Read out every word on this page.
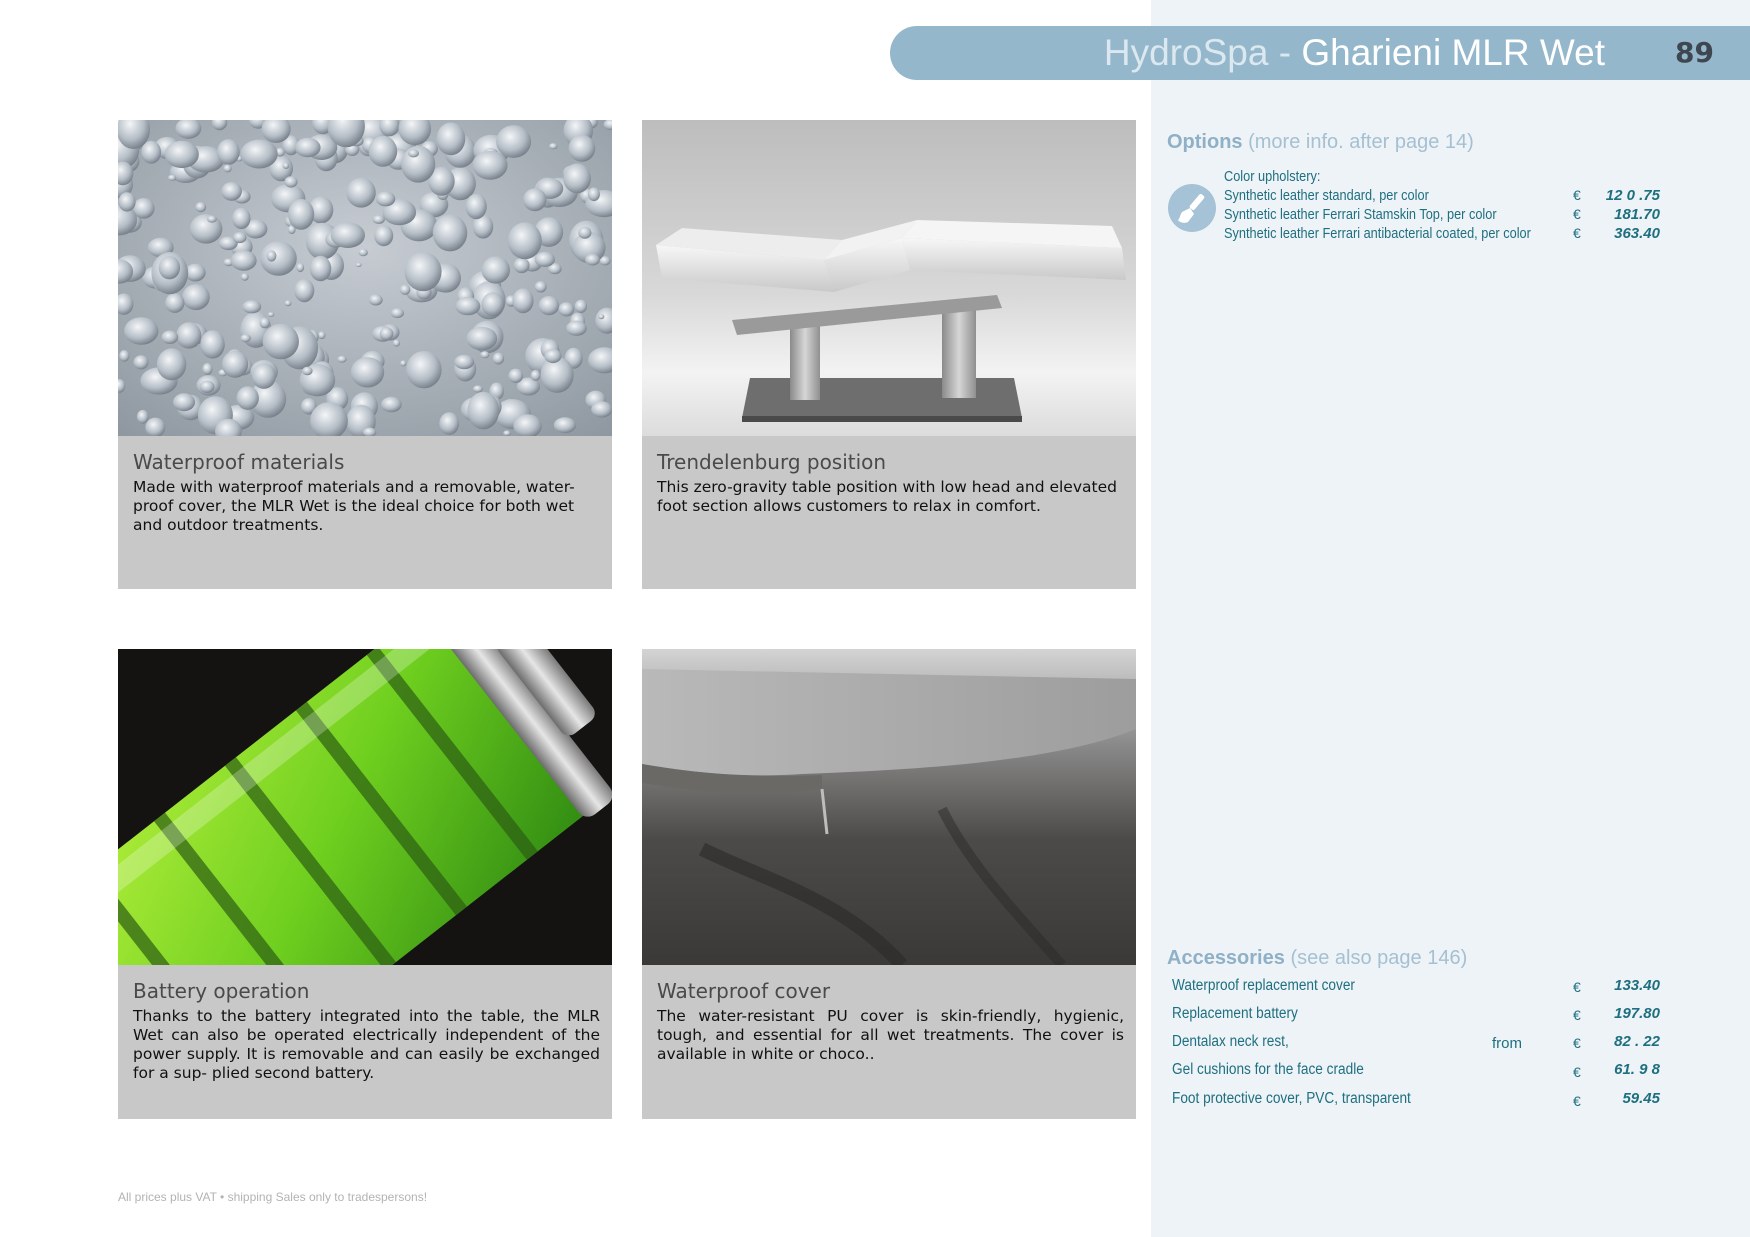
HydroSpa - Gharieni MLR Wet	89
Waterproof materials
Made with waterproof materials and a removable, water-proof cover, the MLR Wet is the ideal choice for both wet and outdoor treatments.
Trendelenburg position
This zero-gravity table position with low head and elevated foot section allows customers to relax in comfort.
Battery operation
Thanks to the battery integrated into the table, the MLR Wet can also be operated electrically independent of the power supply. It is removable and can easily be exchanged for a sup- plied second battery.
Waterproof cover
The water-resistant PU cover is skin-friendly, hygienic, tough, and essential for all wet treatments. The cover is available in white or choco..
Options (more info. after page 14)
Color upholstery:
Synthetic leather standard, per color	€	12 0 .75
Synthetic leather Ferrari Stamskin Top, per color	€	181.70
Synthetic leather Ferrari antibacterial coated, per color	€	363.40
Accessories (see also page 146)
Waterproof replacement cover	€	133.40
Replacement battery	€	197.80
Dentalax neck rest,	from	€	82 . 22
Gel cushions for the face cradle	€	61. 9 8
Foot protective cover, PVC, transparent	€	59.45
All prices plus VAT • shipping Sales only to tradespersons!
